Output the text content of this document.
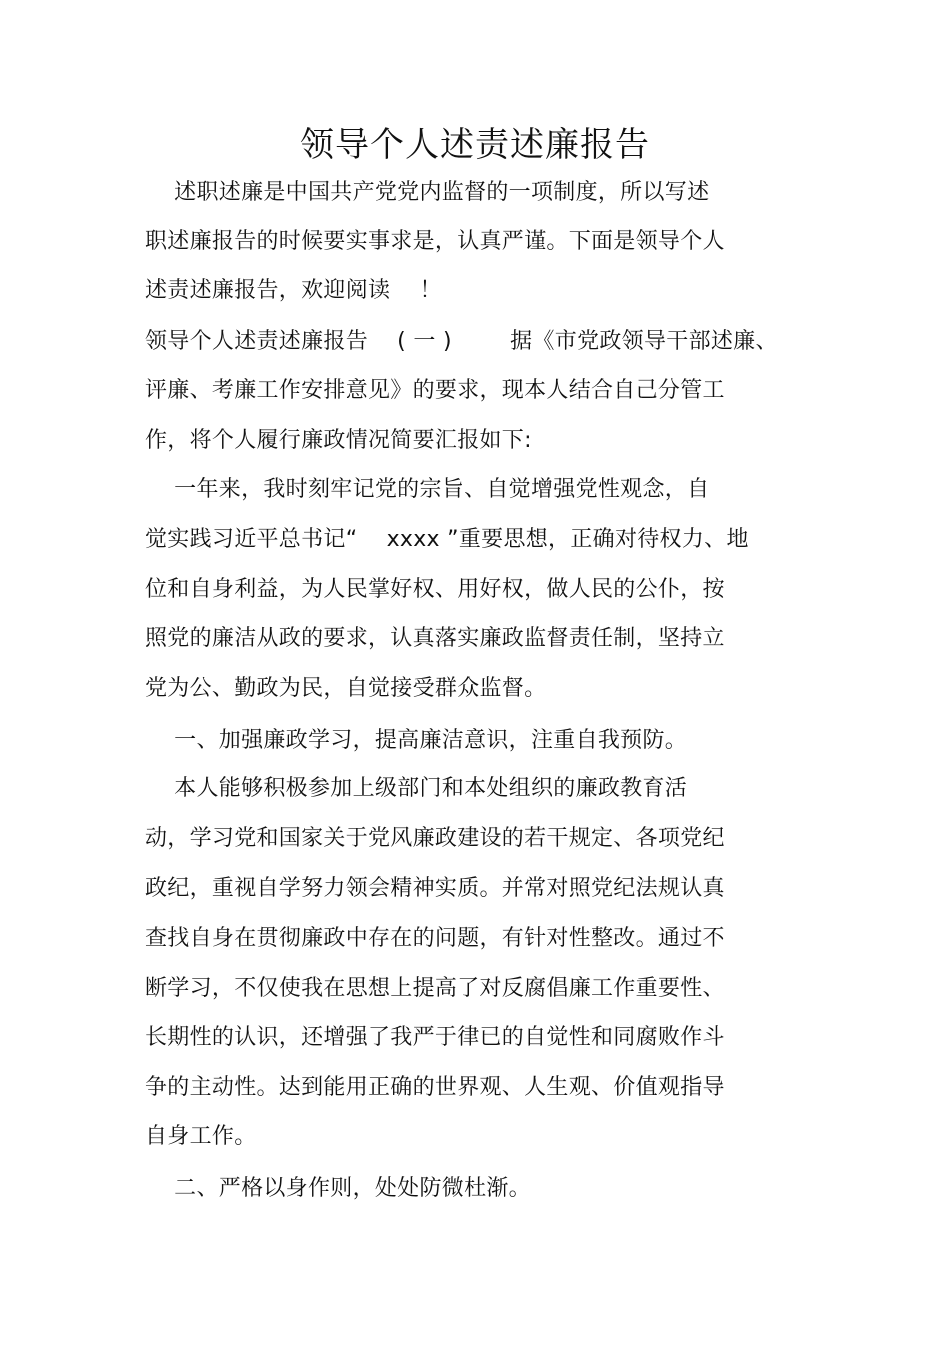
领导个人述责述廉报告
述职述廉是中国共产党党内监督的一项制度，所以写述
职述廉报告的时候要实事求是，认真严谨。下面是领导个人
述责述廉报告，欢迎阅读    ！
领导个人述责述廉报告    ( 一 )        据《市党政领导干部述廉、
评廉、考廉工作安排意见》的要求，现本人结合自己分管工
作，将个人履行廉政情况简要汇报如下:
一年来，我时刻牢记党的宗旨、自觉增强党性观念，自
觉实践习近平总书记“    xxxx ”重要思想，正确对待权力、地
位和自身利益，为人民掌好权、用好权，做人民的公仆，按
照党的廉洁从政的要求，认真落实廉政监督责任制，坚持立
党为公、勤政为民，自觉接受群众监督。
一、加强廉政学习，提高廉洁意识，注重自我预防。
本人能够积极参加上级部门和本处组织的廉政教育活
动，学习党和国家关于党风廉政建设的若干规定、各项党纪
政纪，重视自学努力领会精神实质。并常对照党纪法规认真
查找自身在贯彻廉政中存在的问题，有针对性整改。通过不
断学习，不仅使我在思想上提高了对反腐倡廉工作重要性、
长期性的认识，还增强了我严于律已的自觉性和同腐败作斗
争的主动性。达到能用正确的世界观、人生观、价值观指导
自身工作。
二、严格以身作则，处处防微杜渐。
